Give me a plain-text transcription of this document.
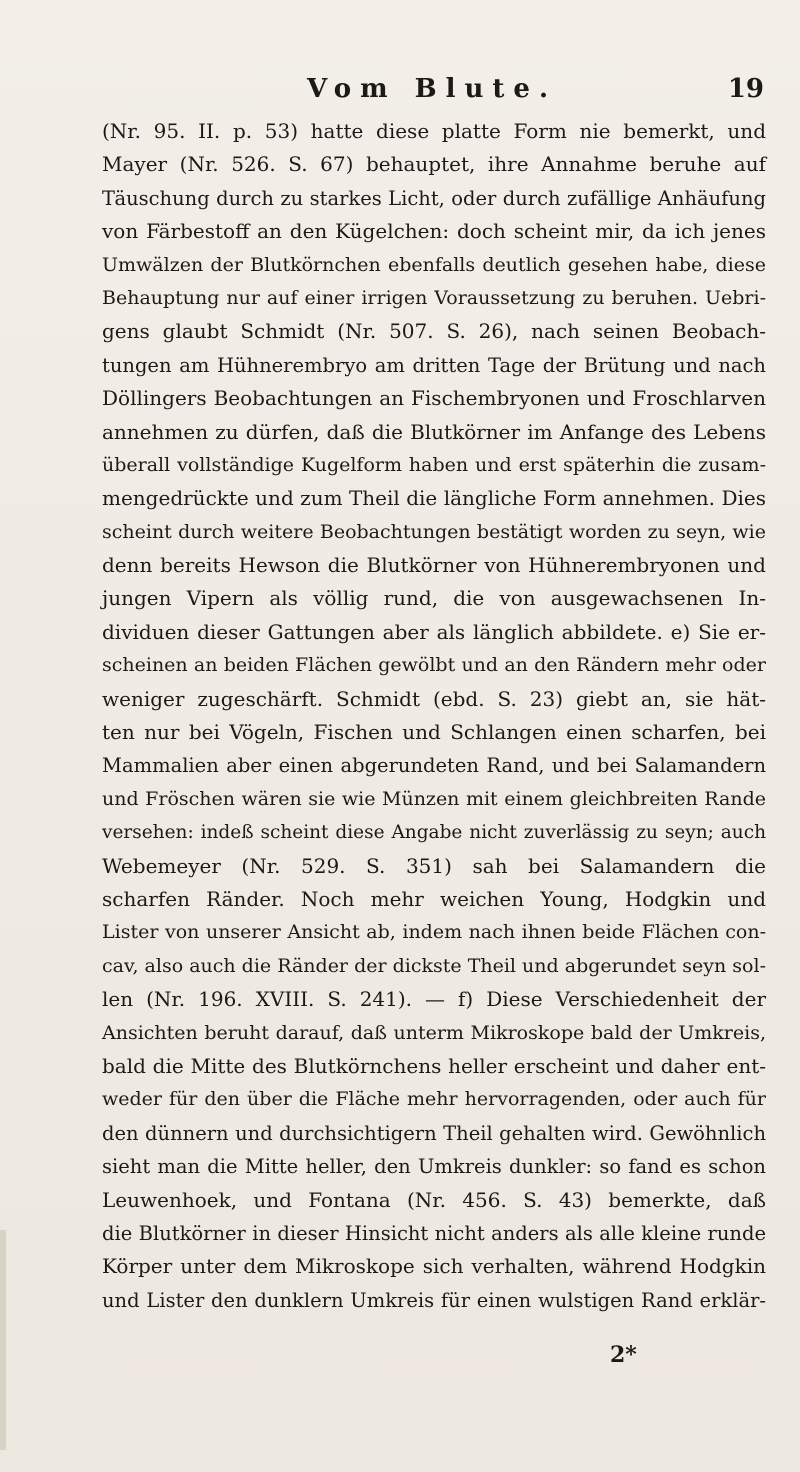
Vom Blute.	19
(Nr. 95. II. p. 53) hatte diese platte Form nie bemerkt, und
Mayer (Nr. 526. S. 67) behauptet, ihre Annahme beruhe auf
Täuschung durch zu starkes Licht, oder durch zufällige Anhäufung
von Färbestoff an den Kügelchen: doch scheint mir, da ich jenes
Umwälzen der Blutkörnchen ebenfalls deutlich gesehen habe, diese
Behauptung nur auf einer irrigen Voraussetzung zu beruhen. Uebri-
gens glaubt Schmidt (Nr. 507. S. 26), nach seinen Beobach-
tungen am Hühnerembryo am dritten Tage der Brütung und nach
Döllingers Beobachtungen an Fischembryonen und Froschlarven
annehmen zu dürfen, daß die Blutkörner im Anfange des Lebens
überall vollständige Kugelform haben und erst späterhin die zusam-
mengedrückte und zum Theil die längliche Form annehmen. Dies
scheint durch weitere Beobachtungen bestätigt worden zu seyn, wie
denn bereits Hewson die Blutkörner von Hühnerembryonen und
jungen Vipern als völlig rund, die von ausgewachsenen In-
dividuen dieser Gattungen aber als länglich abbildete. e) Sie er-
scheinen an beiden Flächen gewölbt und an den Rändern mehr oder
weniger zugeschärft. Schmidt (ebd. S. 23) giebt an, sie hät-
ten nur bei Vögeln, Fischen und Schlangen einen scharfen, bei
Mammalien aber einen abgerundeten Rand, und bei Salamandern
und Fröschen wären sie wie Münzen mit einem gleichbreiten Rande
versehen: indeß scheint diese Angabe nicht zuverlässig zu seyn; auch
Webemeyer (Nr. 529. S. 351) sah bei Salamandern die
scharfen Ränder. Noch mehr weichen Young, Hodgkin und
Lister von unserer Ansicht ab, indem nach ihnen beide Flächen con-
cav, also auch die Ränder der dickste Theil und abgerundet seyn sol-
len (Nr. 196. XVIII. S. 241). — f) Diese Verschiedenheit der
Ansichten beruht darauf, daß unterm Mikroskope bald der Umkreis,
bald die Mitte des Blutkörnchens heller erscheint und daher ent-
weder für den über die Fläche mehr hervorragenden, oder auch für
den dünnern und durchsichtigern Theil gehalten wird. Gewöhnlich
sieht man die Mitte heller, den Umkreis dunkler: so fand es schon
Leuwenhoek, und Fontana (Nr. 456. S. 43) bemerkte, daß
die Blutkörner in dieser Hinsicht nicht anders als alle kleine runde
Körper unter dem Mikroskope sich verhalten, während Hodgkin
und Lister den dunklern Umkreis für einen wulstigen Rand erklär-
2*
